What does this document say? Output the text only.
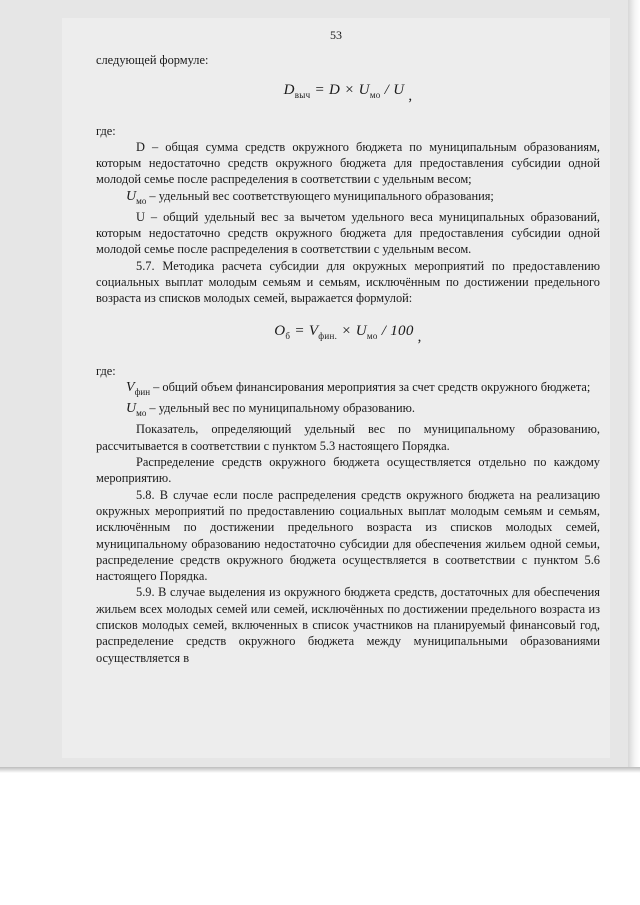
53

следующей формуле:

$D_{выч} = D \times U_{мо} / U$ ,

где:

D – общая сумма средств окружного бюджета по муниципальным образованиям, которым недостаточно средств окружного бюджета для предоставления субсидии одной молодой семье после распределения в соответствии с удельным весом;

$U_{мо}$ – удельный вес соответствующего муниципального образования;

U – общий удельный вес за вычетом удельного веса муниципальных образований, которым недостаточно средств окружного бюджета для предоставления субсидии одной молодой семье после распределения в соответствии с удельным весом.

5.7. Методика расчета субсидии для окружных мероприятий по предоставлению социальных выплат молодым семьям и семьям, исключённым по достижении предельного возраста из списков молодых семей, выражается формулой:

$O_б = V_{фин.} \times U_{мо} / 100$ ,

где:

$V_{фин}$ – общий объем финансирования мероприятия за счет средств окружного бюджета;

$U_{мо}$ – удельный вес по муниципальному образованию.

Показатель, определяющий удельный вес по муниципальному образованию, рассчитывается в соответствии с пунктом 5.3 настоящего Порядка.

Распределение средств окружного бюджета осуществляется отдельно по каждому мероприятию.

5.8. В случае если после распределения средств окружного бюджета на реализацию окружных мероприятий по предоставлению социальных выплат молодым семьям и семьям, исключённым по достижении предельного возраста из списков молодых семей, муниципальному образованию недостаточно субсидии для обеспечения жильем одной семьи, распределение средств окружного бюджета осуществляется в соответствии с пунктом 5.6 настоящего Порядка.

5.9. В случае выделения из окружного бюджета средств, достаточных для обеспечения жильем всех молодых семей или семей, исключённых по достижении предельного возраста из списков молодых семей, включенных в список участников на планируемый финансовый год, распределение средств окружного бюджета между муниципальными образованиями осуществляется в
